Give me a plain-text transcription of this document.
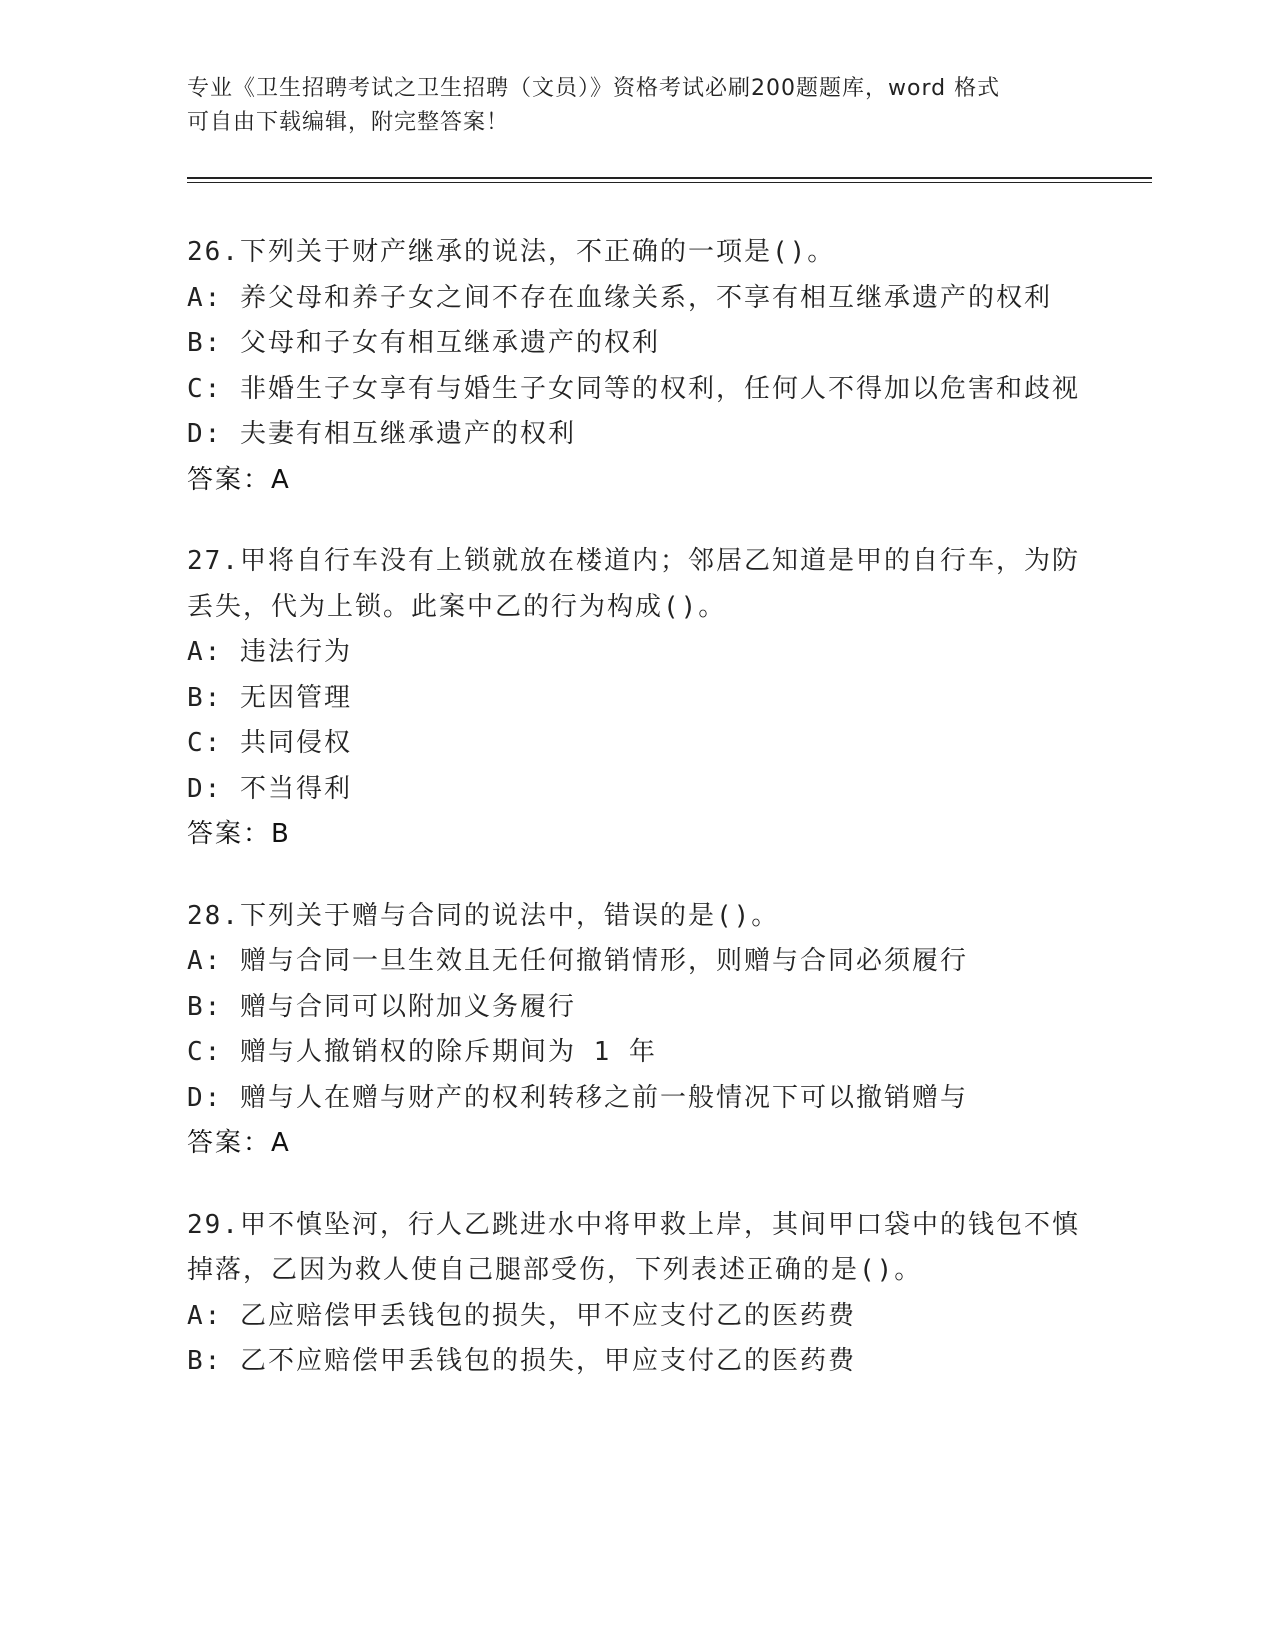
专业《卫生招聘考试之卫生招聘（文员）》资格考试必刷200题题库，word 格式
可自由下载编辑，附完整答案！
26.下列关于财产继承的说法，不正确的一项是()。
A: 养父母和养子女之间不存在血缘关系，不享有相互继承遗产的权利
B: 父母和子女有相互继承遗产的权利
C: 非婚生子女享有与婚生子女同等的权利，任何人不得加以危害和歧视
D: 夫妻有相互继承遗产的权利
答案：A
27.甲将自行车没有上锁就放在楼道内；邻居乙知道是甲的自行车，为防丢失，代为上锁。此案中乙的行为构成()。
A: 违法行为
B: 无因管理
C: 共同侵权
D: 不当得利
答案：B
28.下列关于赠与合同的说法中，错误的是()。
A: 赠与合同一旦生效且无任何撤销情形，则赠与合同必须履行
B: 赠与合同可以附加义务履行
C: 赠与人撤销权的除斥期间为 1 年
D: 赠与人在赠与财产的权利转移之前一般情况下可以撤销赠与
答案：A
29.甲不慎坠河，行人乙跳进水中将甲救上岸，其间甲口袋中的钱包不慎掉落，乙因为救人使自己腿部受伤，下列表述正确的是()。
A: 乙应赔偿甲丢钱包的损失，甲不应支付乙的医药费
B: 乙不应赔偿甲丢钱包的损失，甲应支付乙的医药费
